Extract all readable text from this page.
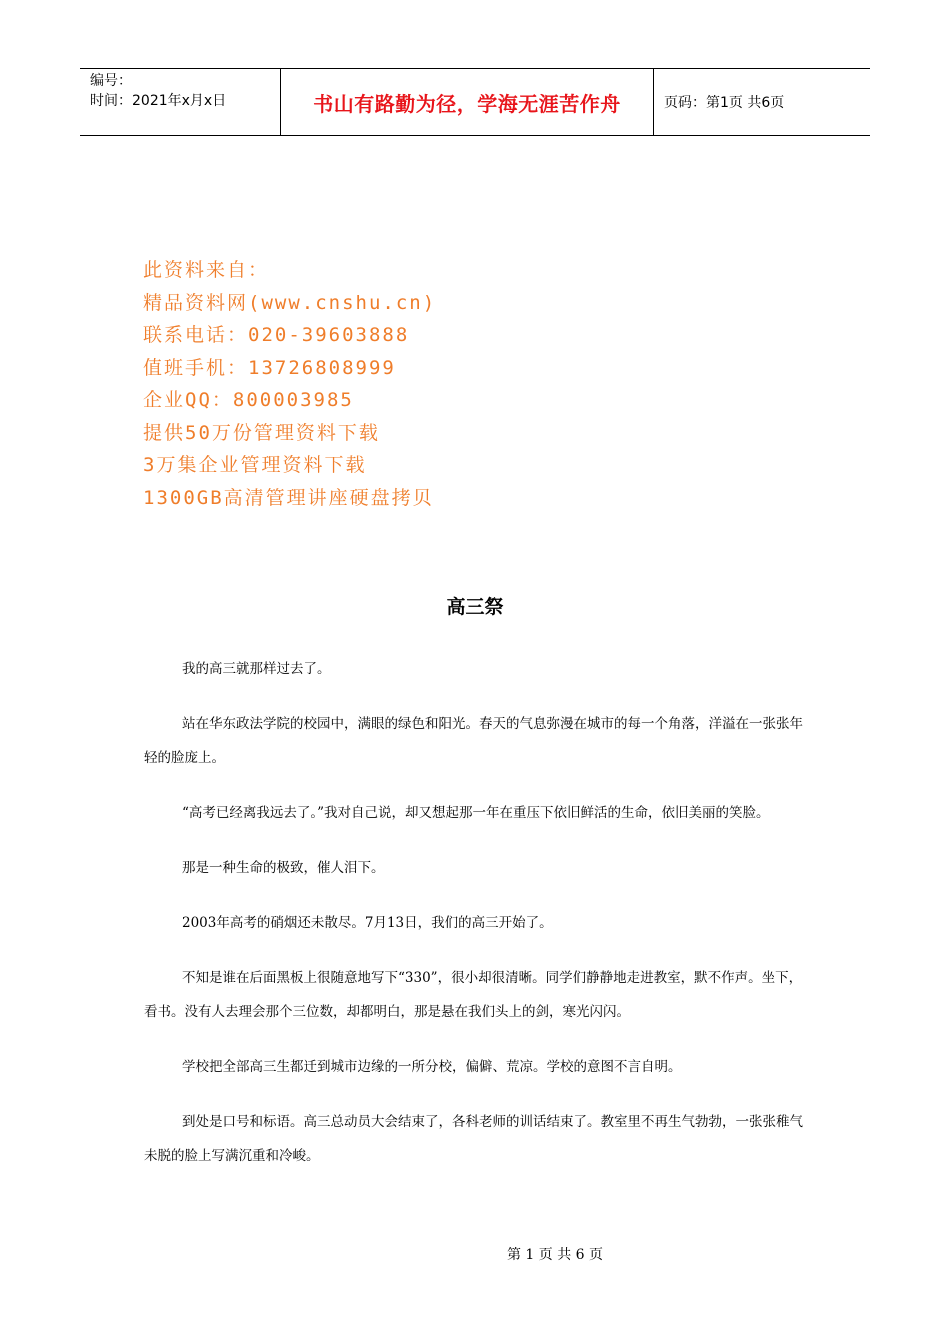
编号：
时间：2021年x月x日	书山有路勤为径，学海无涯苦作舟	页码：第1页 共6页
此资料来自：
精品资料网(www.cnshu.cn)
联系电话：020-39603888
值班手机：13726808999
企业QQ：800003985
提供50万份管理资料下载
3万集企业管理资料下载
1300GB高清管理讲座硬盘拷贝
高三祭

我的高三就那样过去了。

站在华东政法学院的校园中，满眼的绿色和阳光。春天的气息弥漫在城市的每一个角落，洋溢在一张张年轻的脸庞上。

“高考已经离我远去了。”我对自己说，却又想起那一年在重压下依旧鲜活的生命，依旧美丽的笑脸。

那是一种生命的极致，催人泪下。

2003年高考的硝烟还未散尽。7月13日，我们的高三开始了。

不知是谁在后面黑板上很随意地写下“330”，很小却很清晰。同学们静静地走进教室，默不作声。坐下，看书。没有人去理会那个三位数，却都明白，那是悬在我们头上的剑，寒光闪闪。

学校把全部高三生都迁到城市边缘的一所分校，偏僻、荒凉。学校的意图不言自明。

到处是口号和标语。高三总动员大会结束了，各科老师的训话结束了。教室里不再生气勃勃，一张张稚气未脱的脸上写满沉重和冷峻。

第 1 页 共 6 页
